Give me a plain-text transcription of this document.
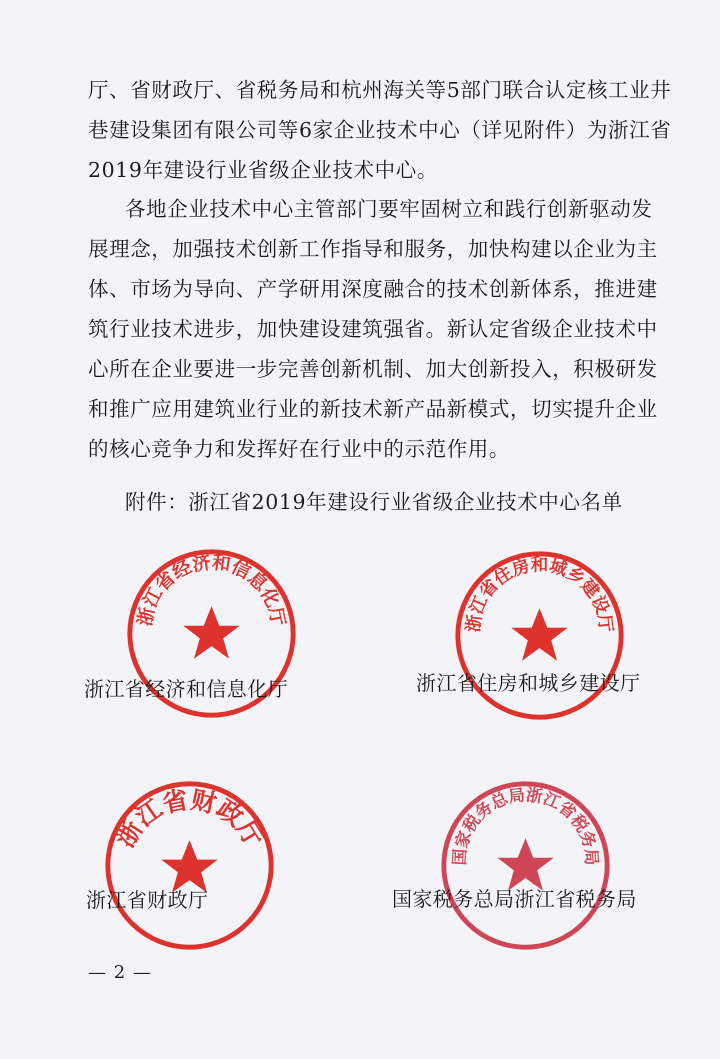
厅、省财政厅、省税务局和杭州海关等5部门联合认定核工业井
巷建设集团有限公司等6家企业技术中心（详见附件）为浙江省
2019年建设行业省级企业技术中心。
各地企业技术中心主管部门要牢固树立和践行创新驱动发
展理念，加强技术创新工作指导和服务，加快构建以企业为主
体、市场为导向、产学研用深度融合的技术创新体系，推进建
筑行业技术进步，加快建设建筑强省。新认定省级企业技术中
心所在企业要进一步完善创新机制、加大创新投入，积极研发
和推广应用建筑业行业的新技术新产品新模式，切实提升企业
的核心竞争力和发挥好在行业中的示范作用。
附件：浙江省2019年建设行业省级企业技术中心名单
浙江省经济和信息化厅	浙江省住房和城乡建设厅
浙江省财政厅
国家税务总局浙江省税务局
浙江省经济和信息化厅	浙江省住房和城乡建设厅
浙江省财政厅	国家税务总局浙江省税务局
— 2 —
